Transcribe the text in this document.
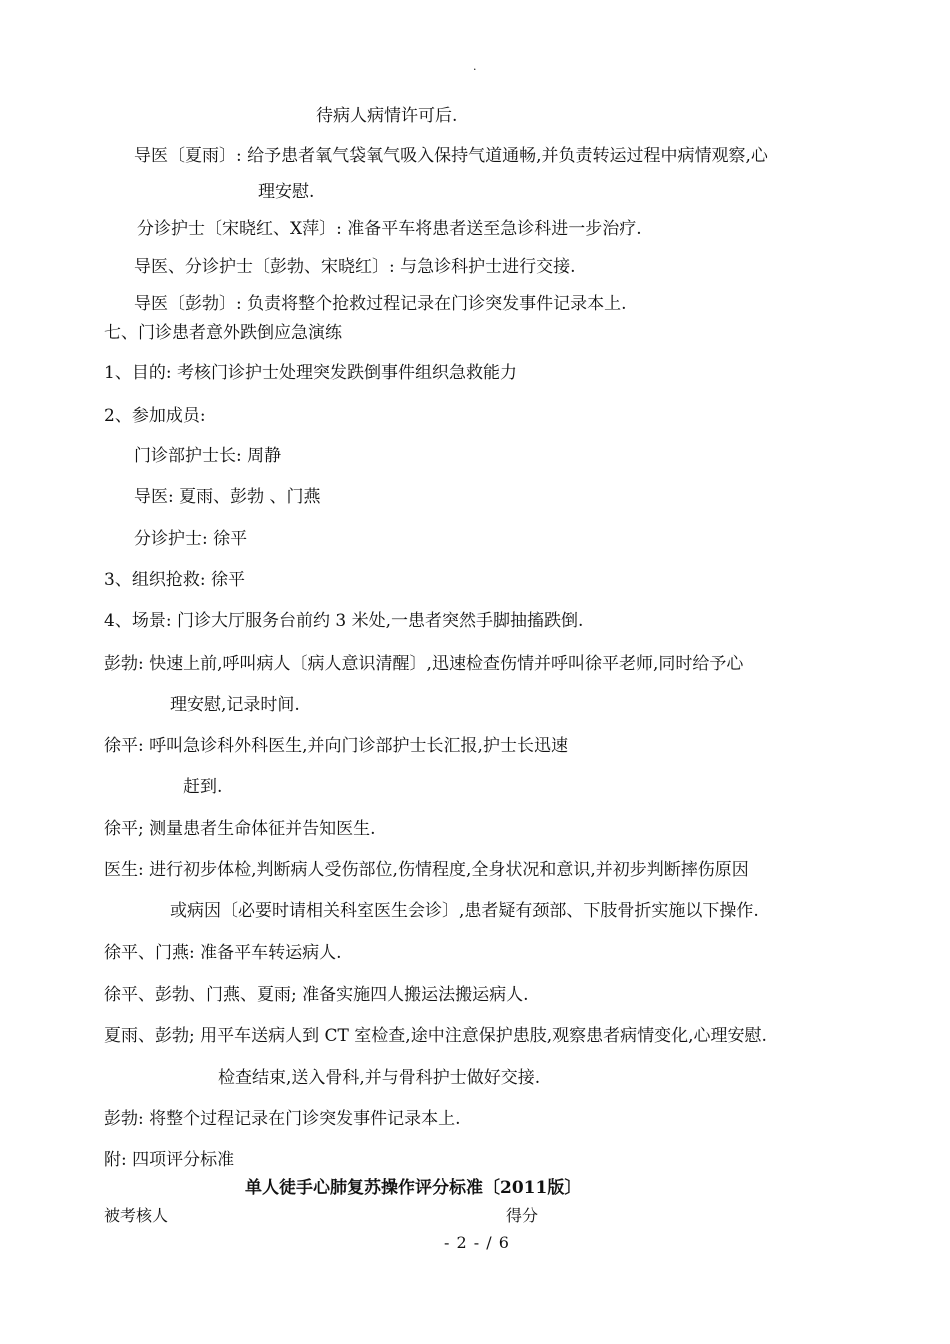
.
待病人病情许可后.
导医〔夏雨〕: 给予患者氧气袋氧气吸入保持气道通畅,并负责转运过程中病情观察,心
理安慰.
分诊护士〔宋晓红、X萍〕: 准备平车将患者送至急诊科进一步治疗.
导医、分诊护士〔彭勃、宋晓红〕: 与急诊科护士进行交接.
导医〔彭勃〕: 负责将整个抢救过程记录在门诊突发事件记录本上.
七、门诊患者意外跌倒应急演练
1、目的: 考核门诊护士处理突发跌倒事件组织急救能力
2、参加成员:
门诊部护士长: 周静
导医: 夏雨、彭勃 、门燕
分诊护士: 徐平
3、组织抢救: 徐平
4、场景: 门诊大厅服务台前约 3 米处,一患者突然手脚抽搐跌倒.
彭勃: 快速上前,呼叫病人〔病人意识清醒〕,迅速检查伤情并呼叫徐平老师,同时给予心
理安慰,记录时间.
徐平: 呼叫急诊科外科医生,并向门诊部护士长汇报,护士长迅速
赶到.
徐平; 测量患者生命体征并告知医生.
医生: 进行初步体检,判断病人受伤部位,伤情程度,全身状况和意识,并初步判断摔伤原因
或病因〔必要时请相关科室医生会诊〕,患者疑有颈部、下肢骨折实施以下操作.
徐平、门燕: 准备平车转运病人.
徐平、彭勃、门燕、夏雨; 准备实施四人搬运法搬运病人.
夏雨、彭勃; 用平车送病人到 CT 室检查,途中注意保护患肢,观察患者病情变化,心理安慰.
检查结束,送入骨科,并与骨科护士做好交接.
彭勃: 将整个过程记录在门诊突发事件记录本上.
附: 四项评分标准
单人徒手心肺复苏操作评分标准〔2011版〕
被考核人	得分
- 2 - / 6
